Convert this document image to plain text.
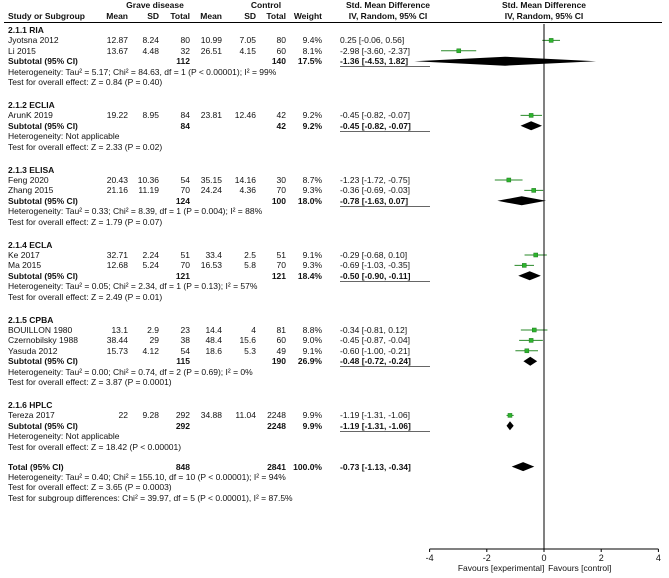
Grave disease	Control	Std. Mean Difference
IV, Random, 95% CI
Std. Mean Difference
IV, Random, 95% CI
Study or Subgroup	Mean	SD	Total	Mean	SD	Total Weight
2.1.1 RIA
Jyotsna 2012	12.87	8.24	80	10.99	7.05	80	9.4% 0.25 [-0.06, 0.56]
Li 2015	13.67	4.48	32	26.51	4.15	60	8.1% -2.98 [-3.60, -2.37]
Subtotal (95% CI)	112	140	17.5% -1.36 [-4.53, 1.82]
Heterogeneity: Tau² = 5.17; Chi² = 84.63, df = 1 (P < 0.00001); I² = 99%
Test for overall effect: Z = 0.84 (P = 0.40)
2.1.2 ECLIA
ArunK 2019	19.22	8.95	84	23.81	12.46	42	9.2% -0.45 [-0.82, -0.07]
Subtotal (95% CI)	84	42	9.2% -0.45 [-0.82, -0.07]
Heterogeneity: Not applicable
Test for overall effect: Z = 2.33 (P = 0.02)
2.1.3 ELISA
Feng 2020	20.43	10.36	54	35.15	14.16	30	8.7% -1.23 [-1.72, -0.75]
Zhang 2015	21.16	11.19	70	24.24	4.36	70	9.3% -0.36 [-0.69, -0.03]
Subtotal (95% CI)	124	100	18.0% -0.78 [-1.63, 0.07]
Heterogeneity: Tau² = 0.33; Chi² = 8.39, df = 1 (P = 0.004); I² = 88%
Test for overall effect: Z = 1.79 (P = 0.07)
2.1.4 ECLA
Ke 2017	32.71	2.24	51	33.4	2.5	51	9.1% -0.29 [-0.68, 0.10]
Ma 2015	12.68	5.24	70	16.53	5.8	70	9.3% -0.69 [-1.03, -0.35]
Subtotal (95% CI)	121	121	18.4% -0.50 [-0.90, -0.11]
Heterogeneity: Tau² = 0.05; Chi² = 2.34, df = 1 (P = 0.13); I² = 57%
Test for overall effect: Z = 2.49 (P = 0.01)
2.1.5 CPBA
BOUILLON 1980	13.1	2.9	23	14.4	4	81	8.8% -0.34 [-0.81, 0.12]
Czernobilsky 1988	38.44	29	38	48.4	15.6	60	9.0% -0.45 [-0.87, -0.04]
Yasuda 2012	15.73	4.12	54	18.6	5.3	49	9.1% -0.60 [-1.00, -0.21]
Subtotal (95% CI)	115	190	26.9% -0.48 [-0.72, -0.24]
Heterogeneity: Tau² = 0.00; Chi² = 0.74, df = 2 (P = 0.69); I² = 0%
Test for overall effect: Z = 3.87 (P = 0.0001)
2.1.6 HPLC
Tereza 2017	22	9.28	292	34.88	11.04	2248	9.9% -1.19 [-1.31, -1.06]
Subtotal (95% CI)	292	2248	9.9% -1.19 [-1.31, -1.06]
Heterogeneity: Not applicable
Test for overall effect: Z = 18.42 (P < 0.00001)
Total (95% CI)	848	2841 100.0% -0.73 [-1.13, -0.34]
Heterogeneity: Tau² = 0.40; Chi² = 155.10, df = 10 (P < 0.00001); I² = 94%
Test for overall effect: Z = 3.65 (P = 0.0003)
Test for subgroup differences: Chi² = 39.97, df = 5 (P < 0.00001), I² = 87.5%
-4	-2	0	2	4
Favours [experimental] Favours [control]
